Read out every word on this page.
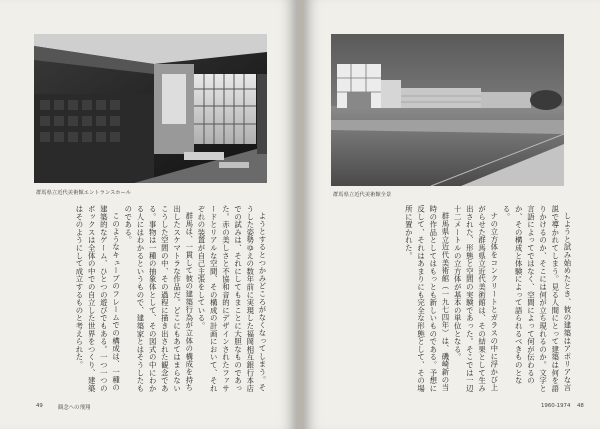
群馬県立近代美術館エントランスホール

ようとするとつかみどころがなくなってしまう。そうした姿勢ゆえの数年前に実現した福岡相互銀行本店での試みは、それにしてもまことに大胆なものであった。赤の美しさと不協和音的にデザインされたファサードとリアルな空間、その構成の計画において、それぞれの装置が自己主張をしている。

群馬は、一貫して彼の建築行為が立体の構成を持ち出したスケマトラな作品だ。どこにもあてはまらないこうした空間の中、その過程に描き出された観念である。事物は一種の抽象体として、その図式の中にわかる人にはわかるというもので、建築家とはそうしたものである。

このようなキューブのフレームでの構成は、一種の建築的なゲーム、ひとつの遊びでもある。一つ一つのボックスは全体の中での自立した世界をつくり、建築はそのようにして成立するものと考えられた。

49	観念への飛翔
群馬県立近代美術館全景

しようと試み始めたとき、彼の建築はアポリアな言説で導かれてしまう。見る人間にとって建築は何を語りかけるのか、そこには何が立ち現れるのか。文字と言語によってではなく、空間によって何が伝わるのか、その構成と体験によって語られるべきものとなる。

ナの立方体をコンクリートとガラスの中に浮かび上がらせた群馬県立近代美術館は、その結果として生み出された、形態と空間の実験であった。そこでは一辺十二メートルの立方体が基本の単位となる。

群馬県立近代美術館（一九七四年）は、磯崎新の当時の作品としてはもっとも新しいものである。予想に反して、それはあまりにも完全な形態として、その場所に置かれた。

1960-1974 48
